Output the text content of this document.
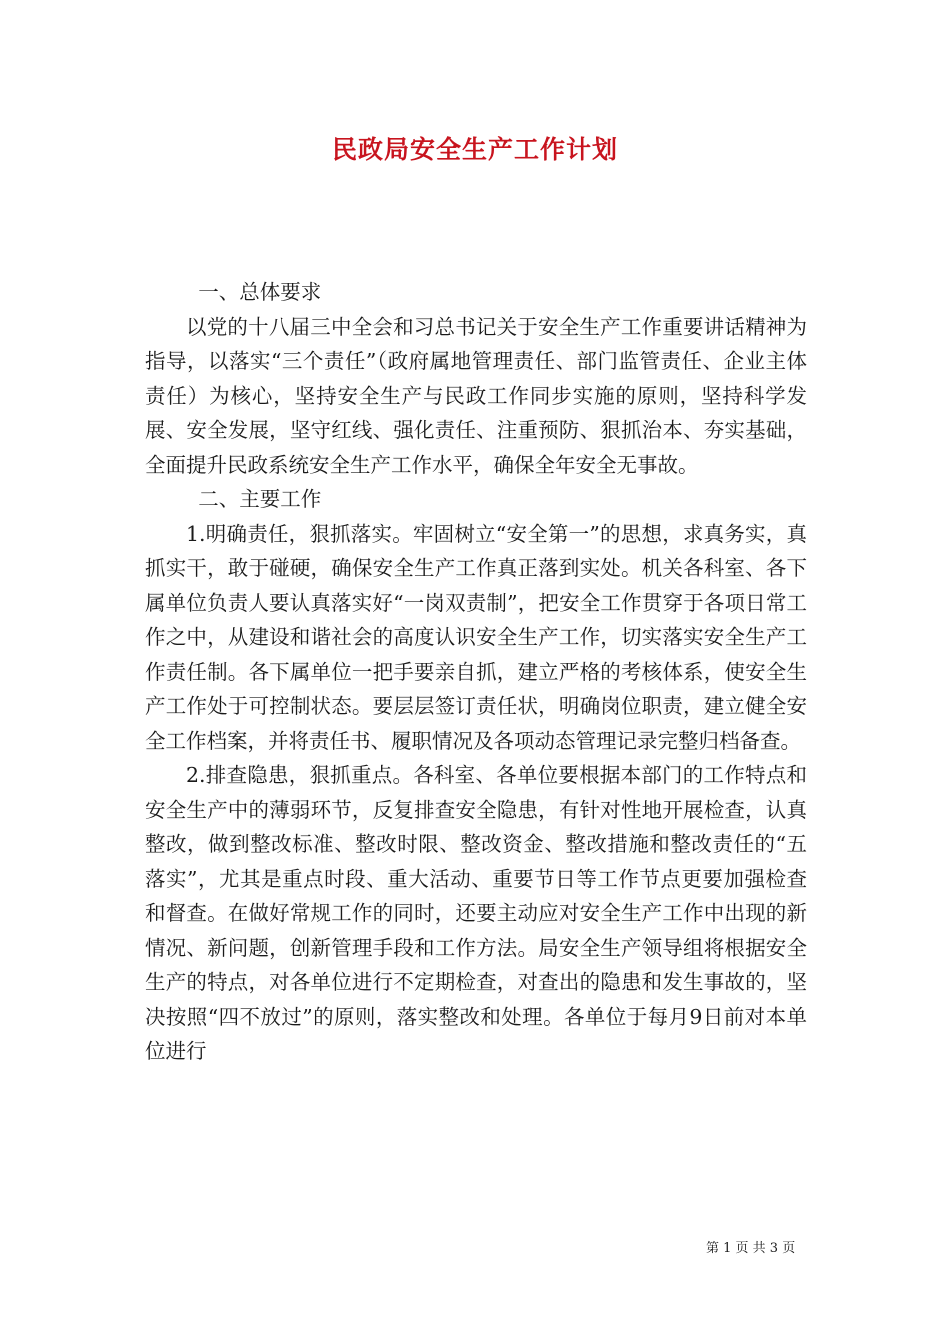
民政局安全生产工作计划

一、总体要求

以党的十八届三中全会和习总书记关于安全生产工作重要讲话精神为指导，以落实“三个责任”（政府属地管理责任、部门监管责任、企业主体责任）为核心，坚持安全生产与民政工作同步实施的原则，坚持科学发展、安全发展，坚守红线、强化责任、注重预防、狠抓治本、夯实基础，全面提升民政系统安全生产工作水平，确保全年安全无事故。

二、主要工作

1.明确责任，狠抓落实。牢固树立“安全第一”的思想，求真务实，真抓实干，敢于碰硬，确保安全生产工作真正落到实处。机关各科室、各下属单位负责人要认真落实好“一岗双责制”，把安全工作贯穿于各项日常工作之中，从建设和谐社会的高度认识安全生产工作，切实落实安全生产工作责任制。各下属单位一把手要亲自抓，建立严格的考核体系，使安全生产工作处于可控制状态。要层层签订责任状，明确岗位职责，建立健全安全工作档案，并将责任书、履职情况及各项动态管理记录完整归档备查。

2.排查隐患，狠抓重点。各科室、各单位要根据本部门的工作特点和安全生产中的薄弱环节，反复排查安全隐患，有针对性地开展检查，认真整改，做到整改标准、整改时限、整改资金、整改措施和整改责任的“五落实”，尤其是重点时段、重大活动、重要节日等工作节点更要加强检查和督查。在做好常规工作的同时，还要主动应对安全生产工作中出现的新情况、新问题，创新管理手段和工作方法。局安全生产领导组将根据安全生产的特点，对各单位进行不定期检查，对查出的隐患和发生事故的，坚决按照“四不放过”的原则，落实整改和处理。各单位于每月9日前对本单位进行

第 1 页 共 3 页
